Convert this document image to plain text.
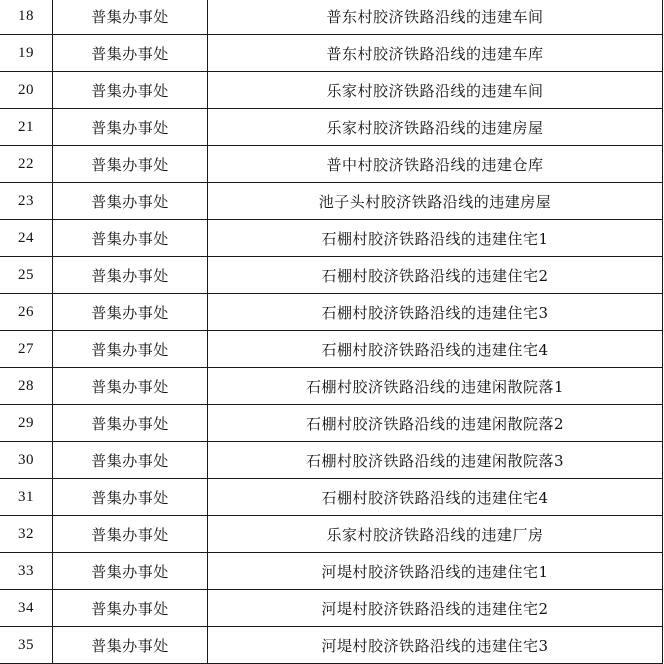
18	普集办事处	普东村胶济铁路沿线的违建车间
19	普集办事处	普东村胶济铁路沿线的违建车库
20	普集办事处	乐家村胶济铁路沿线的违建车间
21	普集办事处	乐家村胶济铁路沿线的违建房屋
22	普集办事处	普中村胶济铁路沿线的违建仓库
23	普集办事处	池子头村胶济铁路沿线的违建房屋
24	普集办事处	石棚村胶济铁路沿线的违建住宅1
25	普集办事处	石棚村胶济铁路沿线的违建住宅2
26	普集办事处	石棚村胶济铁路沿线的违建住宅3
27	普集办事处	石棚村胶济铁路沿线的违建住宅4
28	普集办事处	石棚村胶济铁路沿线的违建闲散院落1
29	普集办事处	石棚村胶济铁路沿线的违建闲散院落2
30	普集办事处	石棚村胶济铁路沿线的违建闲散院落3
31	普集办事处	石棚村胶济铁路沿线的违建住宅4
32	普集办事处	乐家村胶济铁路沿线的违建厂房
33	普集办事处	河堤村胶济铁路沿线的违建住宅1
34	普集办事处	河堤村胶济铁路沿线的违建住宅2
35	普集办事处	河堤村胶济铁路沿线的违建住宅3
